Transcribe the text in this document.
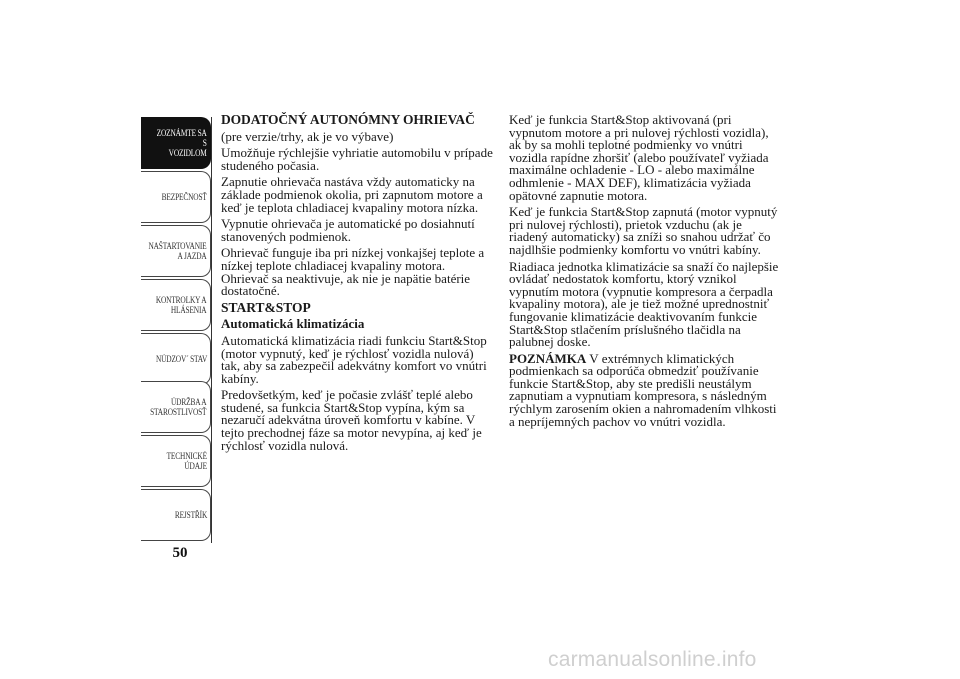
ZOZNÁMTE SA S
VOZIDLOM
BEZPEČNOSŤ
NAŠTARTOVANIE
A JAZDA
KONTROLKY A
HLÁSENIA
NÚDZOV´ STAV
ÚDRŽBA A
STAROSTLIVOSŤ
TECHNICKÉ
ÚDAJE
REJSTŘÍK
50

DODATOČNÝ AUTONÓMNY OHRIEVAČ

(pre verzie/trhy, ak je vo výbave)

Umožňuje rýchlejšie vyhriatie automobilu v prípade studeného počasia.

Zapnutie ohrievača nastáva vždy automaticky na základe podmienok okolia, pri zapnutom motore a keď je teplota chladiacej kvapaliny motora nízka.

Vypnutie ohrievača je automatické po dosiahnutí stanovených podmienok.

Ohrievač funguje iba pri nízkej vonkajšej teplote a nízkej teplote chladiacej kvapaliny motora. Ohrievač sa neaktivuje, ak nie je napätie batérie dostatočné.

START&STOP

Automatická klimatizácia

Automatická klimatizácia riadi funkciu Start&Stop (motor vypnutý, keď je rýchlosť vozidla nulová) tak, aby sa zabezpečil adekvátny komfort vo vnútri kabíny.

Predovšetkým, keď je počasie zvlášť teplé alebo studené, sa funkcia Start&Stop vypína, kým sa nezaručí adekvátna úroveň komfortu v kabíne. V tejto prechodnej fáze sa motor nevypína, aj keď je rýchlosť vozidla nulová.

Keď je funkcia Start&Stop aktivovaná (pri vypnutom motore a pri nulovej rýchlosti vozidla), ak by sa mohli teplotné podmienky vo vnútri vozidla rapídne zhoršiť (alebo používateľ vyžiada maximálne ochladenie - LO - alebo maximálne odhmlenie - MAX DEF), klimatizácia vyžiada opätovné zapnutie motora.

Keď je funkcia Start&Stop zapnutá (motor vypnutý pri nulovej rýchlosti), prietok vzduchu (ak je riadený automaticky) sa zníži so snahou udržať čo najdlhšie podmienky komfortu vo vnútri kabíny.

Riadiaca jednotka klimatizácie sa snaží čo najlepšie ovládať nedostatok komfortu, ktorý vznikol vypnutím motora (vypnutie kompresora a čerpadla kvapaliny motora), ale je tiež možné uprednostniť fungovanie klimatizácie deaktivovaním funkcie Start&Stop stlačením príslušného tlačidla na palubnej doske.

POZNÁMKA V extrémnych klimatických podmienkach sa odporúča obmedziť používanie funkcie Start&Stop, aby ste predišli neustálym zapnutiam a vypnutiam kompresora, s následným rýchlym zarosením okien a nahromadením vlhkosti a nepríjemných pachov vo vnútri vozidla.

carmanualsonline.info
